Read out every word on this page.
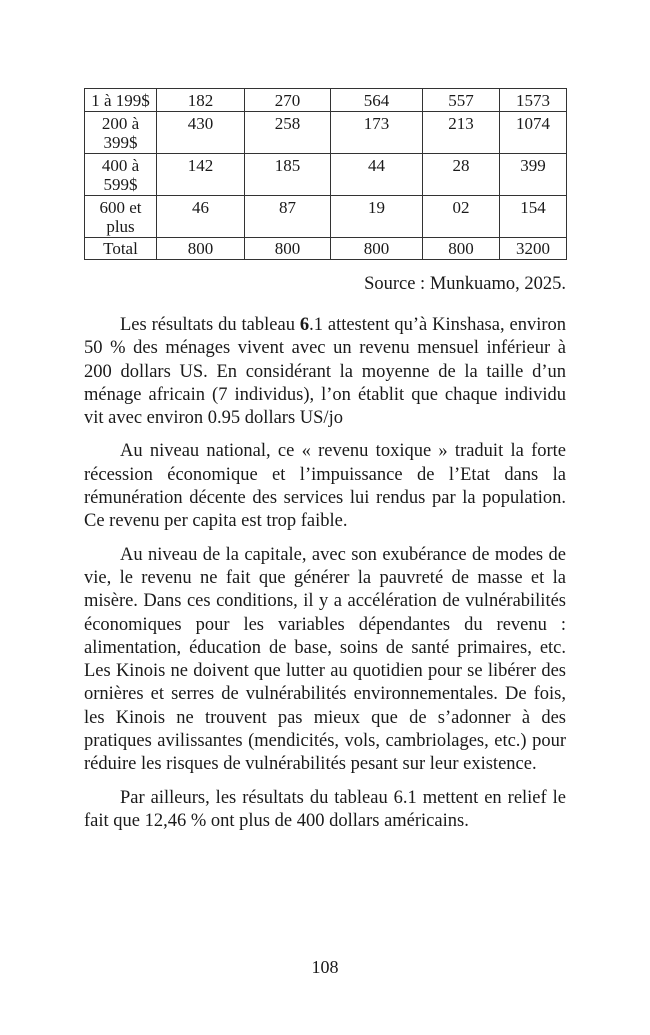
1 à 199$	182	270	564	557	1573
200 à 399$	430	258	173	213	1074
400 à 599$	142	185	44	28	399
600 et plus	46	87	19	02	154
Total	800	800	800	800	3200
Source : Munkuamo, 2025.

Les résultats du tableau 6.1 attestent qu’à Kinshasa, environ 50 % des ménages vivent avec un revenu mensuel inférieur à 200 dollars US. En considérant la moyenne de la taille d’un ménage africain (7 individus), l’on établit que chaque individu vit avec environ 0.95 dollars US/jo

Au niveau national, ce « revenu toxique » traduit la forte récession économique et l’impuissance de l’Etat dans la rémunération décente des services lui rendus par la population. Ce revenu per capita est trop faible.

Au niveau de la capitale, avec son exubérance de modes de vie, le revenu ne fait que générer la pauvreté de masse et la misère. Dans ces conditions, il y a accélération de vulnérabilités économiques pour les variables dépendantes du revenu : alimentation, éducation de base, soins de santé primaires, etc. Les Kinois ne doivent que lutter au quotidien pour se libérer des ornières et serres de vulnérabilités environnementales. De fois, les Kinois ne trouvent pas mieux que de s’adonner à des pratiques avilissantes (mendicités, vols, cambriolages, etc.) pour réduire les risques de vulnérabilités pesant sur leur existence.

Par ailleurs, les résultats du tableau 6.1 mettent en relief le fait que 12,46 % ont plus de 400 dollars américains.

108
